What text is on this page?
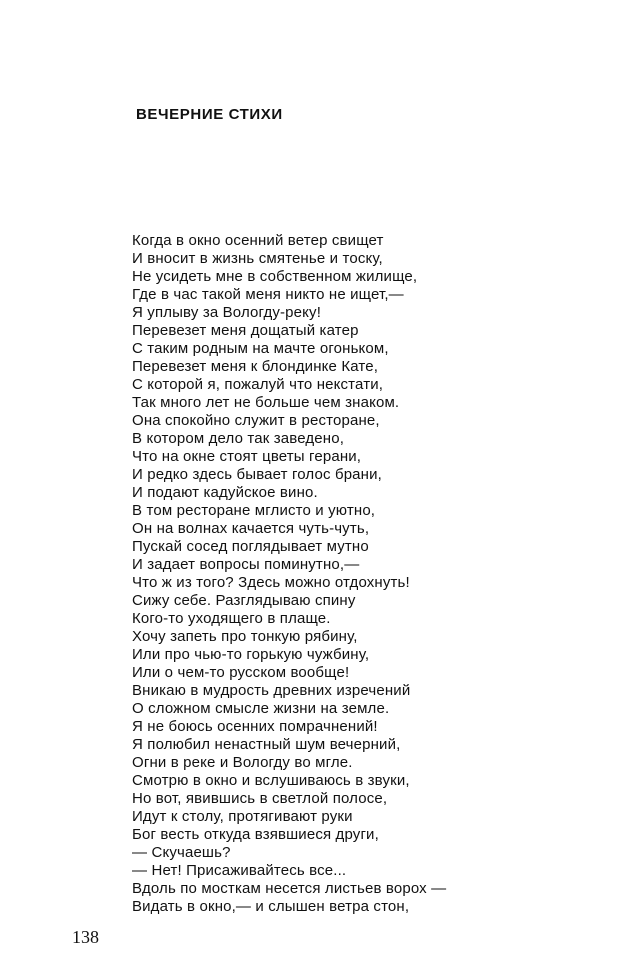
ВЕЧЕРНИЕ СТИХИ
Когда в окно осенний ветер свищет
И вносит в жизнь смятенье и тоску,
Не усидеть мне в собственном жилище,
Где в час такой меня никто не ищет,—
Я уплыву за Вологду-реку!
Перевезет меня дощатый катер
С таким родным на мачте огоньком,
Перевезет меня к блондинке Кате,
С которой я, пожалуй что некстати,
Так много лет не больше чем знаком.
Она спокойно служит в ресторане,
В котором дело так заведено,
Что на окне стоят цветы герани,
И редко здесь бывает голос брани,
И подают кадуйское вино.
В том ресторане мглисто и уютно,
Он на волнах качается чуть-чуть,
Пускай сосед поглядывает мутно
И задает вопросы поминутно,—
Что ж из того? Здесь можно отдохнуть!
Сижу себе. Разглядываю спину
Кого-то уходящего в плаще.
Хочу запеть про тонкую рябину,
Или про чью-то горькую чужбину,
Или о чем-то русском вообще!
Вникаю в мудрость древних изречений
О сложном смысле жизни на земле.
Я не боюсь осенних помрачнений!
Я полюбил ненастный шум вечерний,
Огни в реке и Вологду во мгле.
Смотрю в окно и вслушиваюсь в звуки,
Но вот, явившись в светлой полосе,
Идут к столу, протягивают руки
Бог весть откуда взявшиеся други,
— Скучаешь?
— Нет! Присаживайтесь все...
Вдоль по мосткам несется листьев ворох —
Видать в окно,— и слышен ветра стон,
138
